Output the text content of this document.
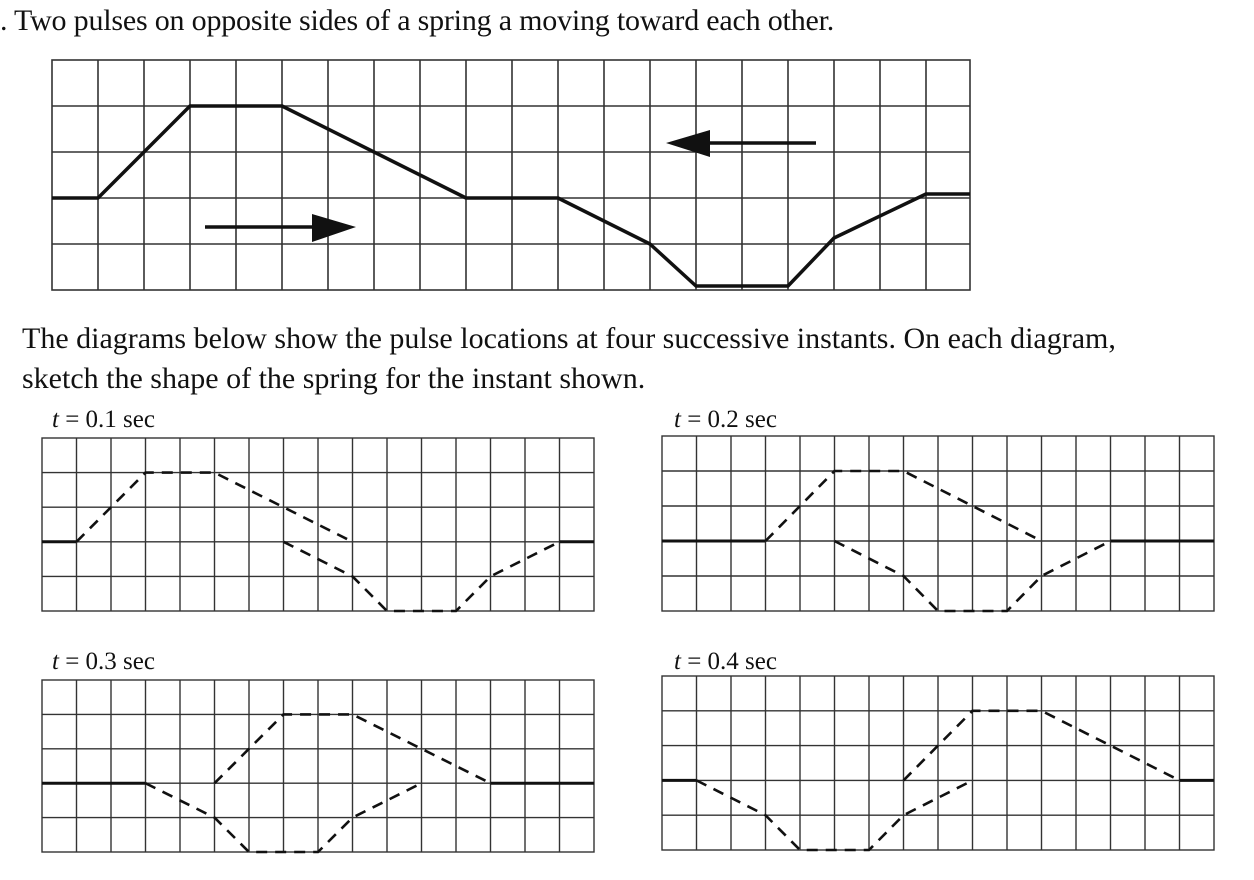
. Two pulses on opposite sides of a spring a moving toward each other.
The diagrams below show the pulse locations at four successive instants. On each diagram,
sketch the shape of the spring for the instant shown.
t = 0.1 sec	t = 0.2 sec
t = 0.3 sec	t = 0.4 sec
